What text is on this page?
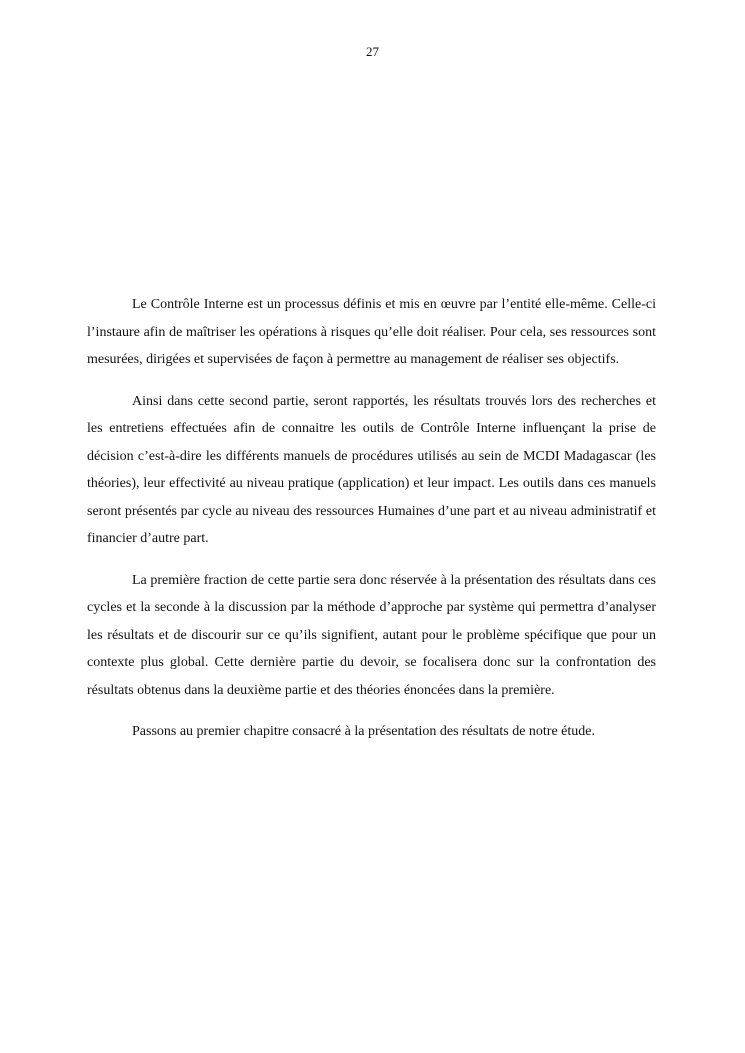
27

Le Contrôle Interne est un processus définis et mis en œuvre par l’entité elle-même. Celle-ci l’instaure afin de maîtriser les opérations à risques qu’elle doit réaliser. Pour cela, ses ressources sont mesurées, dirigées et supervisées de façon à permettre au management de réaliser ses objectifs.

Ainsi dans cette second partie, seront rapportés, les résultats trouvés lors des recherches et les entretiens effectuées afin de connaitre les outils de Contrôle Interne influençant la prise de décision c’est-à-dire les différents manuels de procédures utilisés au sein de MCDI Madagascar (les théories), leur effectivité au niveau pratique (application) et leur impact. Les outils dans ces manuels seront présentés par cycle au niveau des ressources Humaines d’une part et au niveau administratif et financier d’autre part.

La première fraction de cette partie sera donc réservée à la présentation des résultats dans ces cycles et la seconde à la discussion par la méthode d’approche par système qui permettra d’analyser les résultats et de discourir sur ce qu’ils signifient, autant pour le problème spécifique que pour un contexte plus global. Cette dernière partie du devoir, se focalisera donc sur la confrontation des résultats obtenus dans la deuxième partie et des théories énoncées dans la première.

Passons au premier chapitre consacré à la présentation des résultats de notre étude.
